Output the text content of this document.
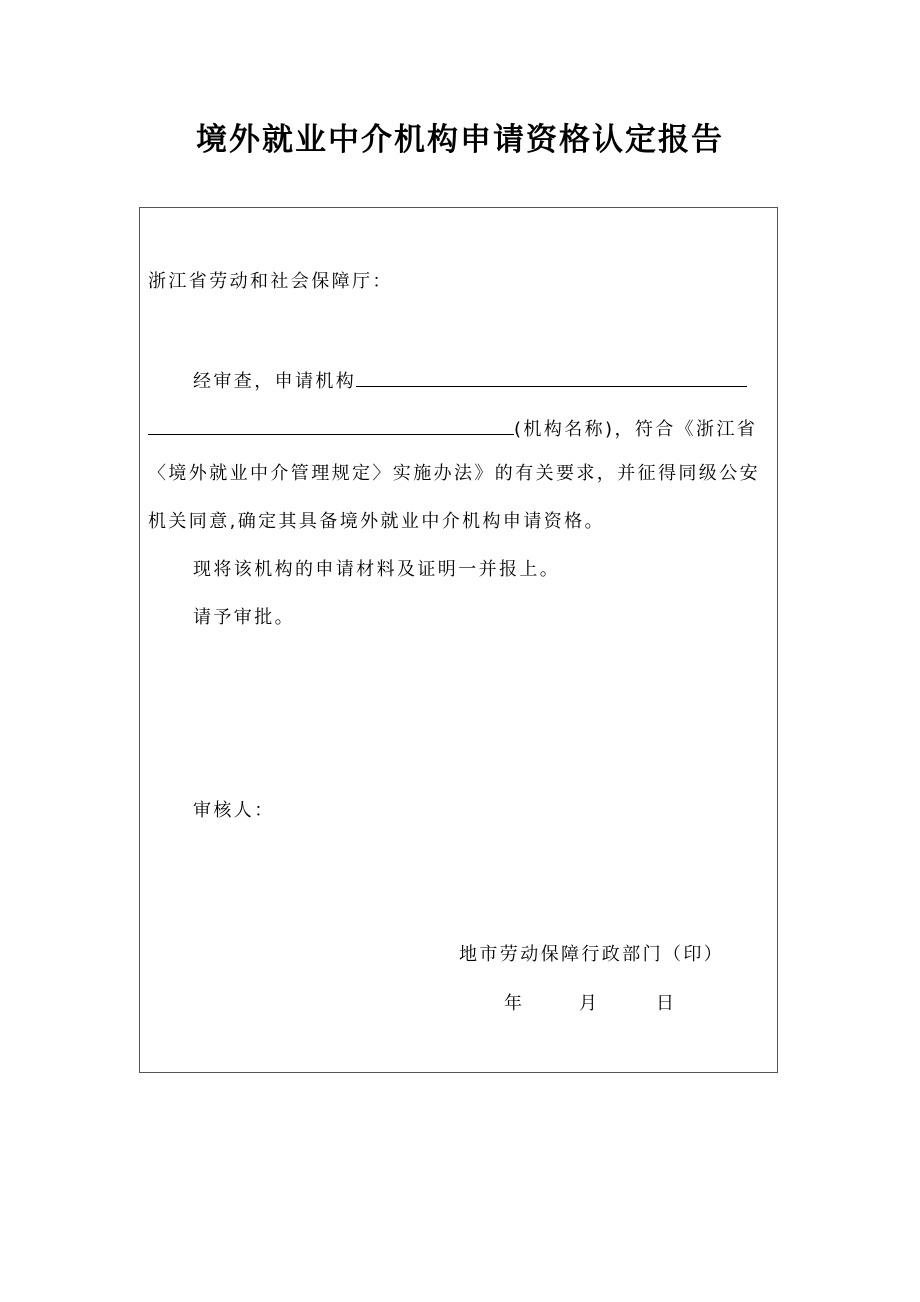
境外就业中介机构申请资格认定报告
浙江省劳动和社会保障厅：
经审查，申请机构
(机构名称)，符合《浙江省
〈境外就业中介管理规定〉实施办法》的有关要求，并征得同级公安
机关同意,确定其具备境外就业中介机构申请资格。
现将该机构的申请材料及证明一并报上。
请予审批。
审核人：
地市劳动保障行政部门（印）
年	月	日
